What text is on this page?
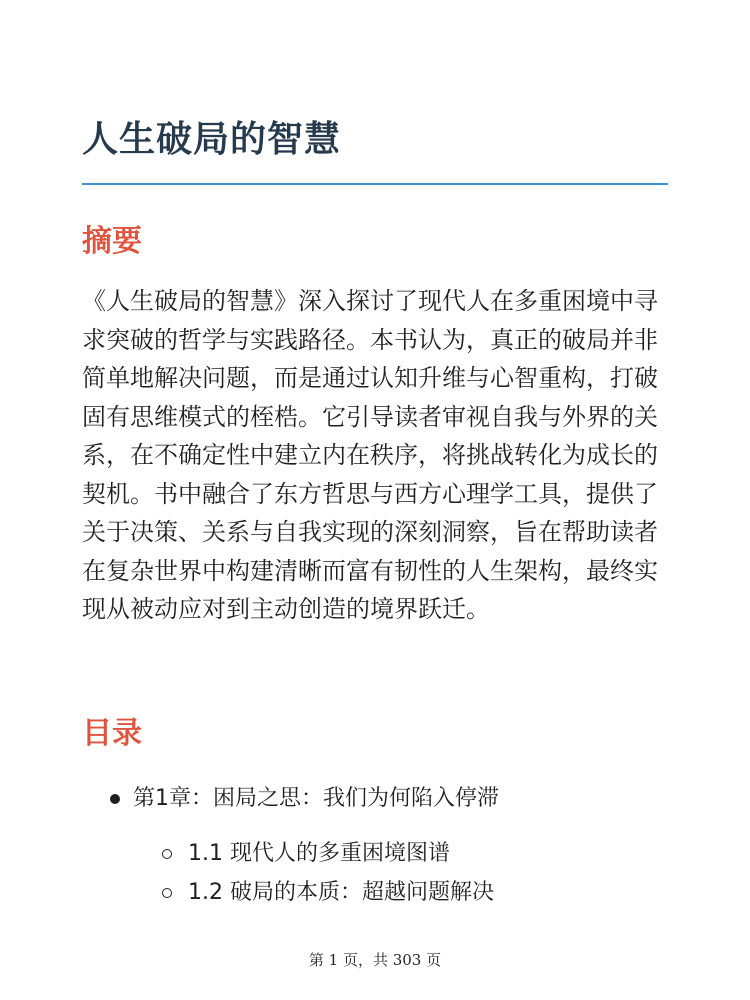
人生破局的智慧
摘要

《人生破局的智慧》深入探讨了现代人在多重困境中寻求突破的哲学与实践路径。本书认为，真正的破局并非简单地解决问题，而是通过认知升维与心智重构，打破固有思维模式的桎梏。它引导读者审视自我与外界的关系，在不确定性中建立内在秩序，将挑战转化为成长的契机。书中融合了东方哲思与西方心理学工具，提供了关于决策、关系与自我实现的深刻洞察，旨在帮助读者在复杂世界中构建清晰而富有韧性的人生架构，最终实现从被动应对到主动创造的境界跃迁。

目录
第1章：困局之思：我们为何陷入停滞
1.1 现代人的多重困境图谱
1.2 破局的本质：超越问题解决
第 1 页，共 303 页
